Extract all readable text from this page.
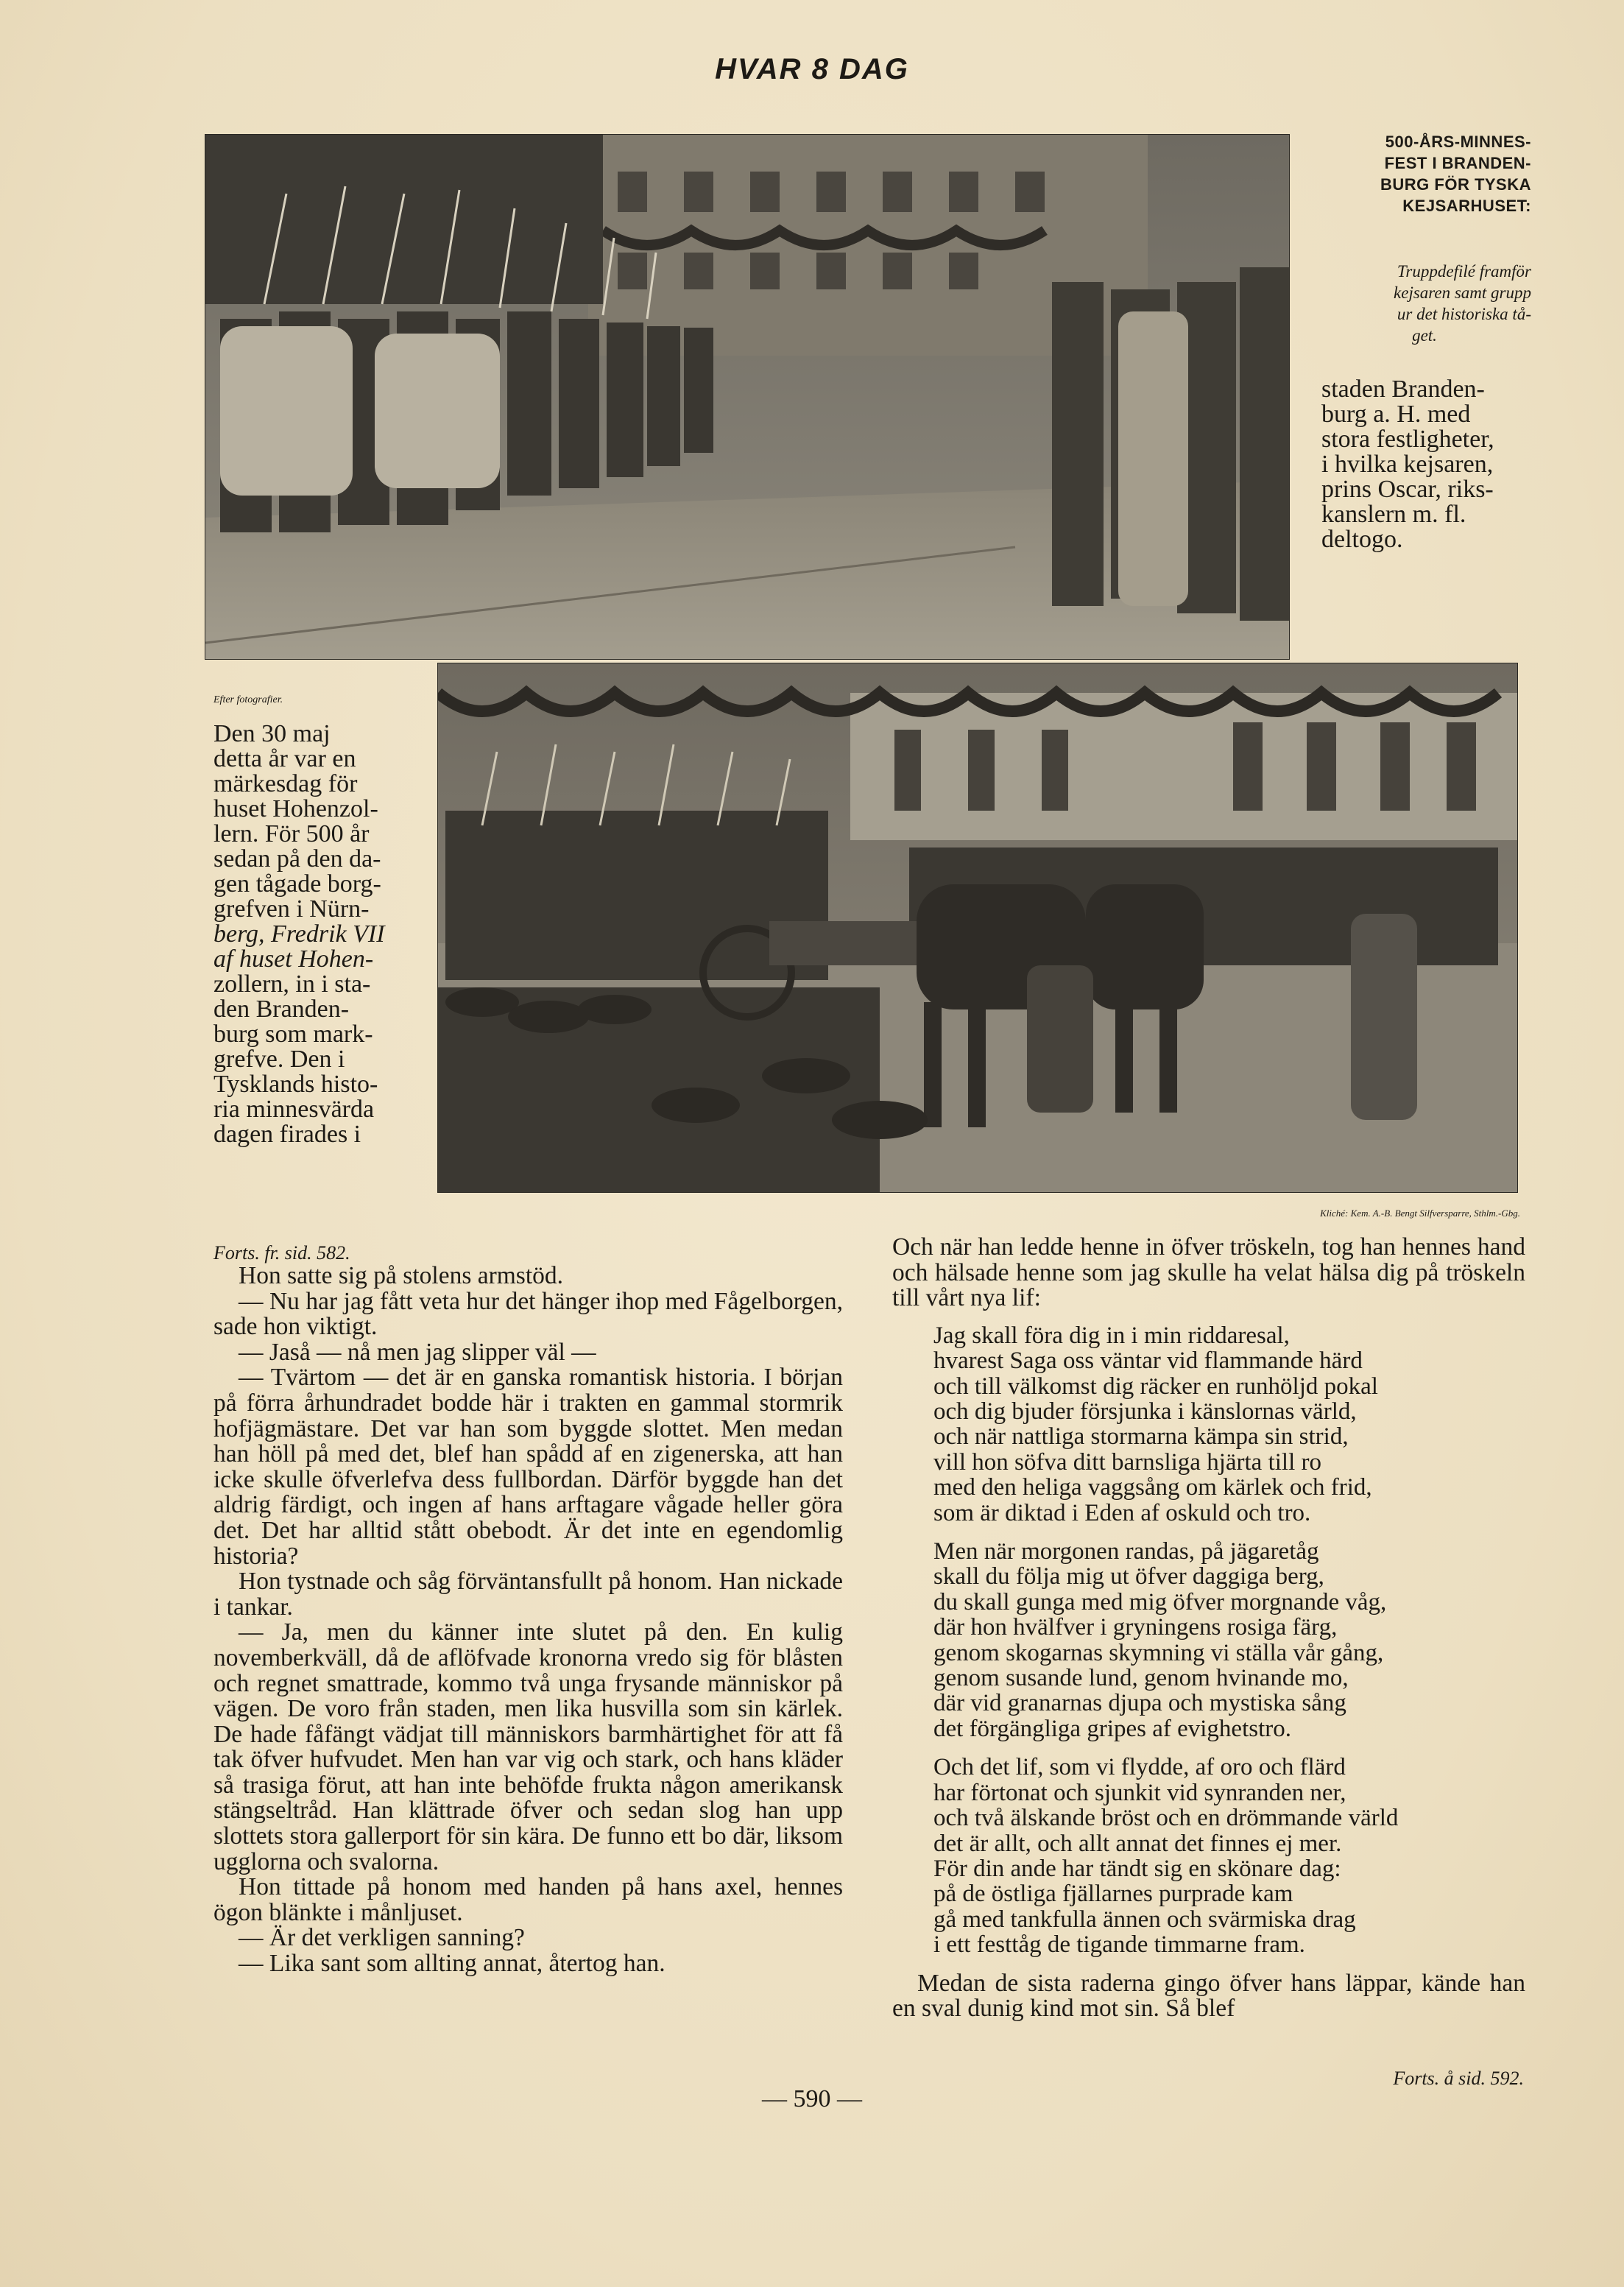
HVAR 8 DAG
500-ÅRS-MINNES-
FEST I BRANDEN-
BURG FÖR TYSKA
KEJSARHUSET:
Truppdefilé framför
kejsaren samt grupp
ur det historiska tå-
get.
staden Branden-
burg a. H. med
stora festligheter,
i hvilka kejsaren,
prins Oscar, riks-
kanslern m. fl.
deltogo.
Efter fotografier.
Den 30 maj
detta år var en
märkesdag för
huset Hohenzol-
lern. För 500 år
sedan på den da-
gen tågade borg-
grefven i Nürn-
berg, Fredrik VII
af huset Hohen-
zollern, in i sta-
den Branden-
burg som mark-
grefve. Den i
Tysklands histo-
ria minnesvärda
dagen firades i
Kliché: Kem. A.-B. Bengt Silfversparre, Sthlm.-Gbg.

Forts. fr. sid. 582.

Hon satte sig på stolens armstöd.

— Nu har jag fått veta hur det hänger ihop med Fågelborgen, sade hon viktigt.

— Jaså — nå men jag slipper väl —

— Tvärtom — det är en ganska romantisk historia. I början på förra århundradet bodde här i trakten en gammal stormrik hofjägmästare. Det var han som byggde slottet. Men medan han höll på med det, blef han spådd af en zigenerska, att han icke skulle öfverlefva dess fullbordan. Därför byggde han det aldrig färdigt, och ingen af hans arftagare vågade heller göra det. Det har alltid stått obebodt. Är det inte en egendomlig historia?

Hon tystnade och såg förväntansfullt på honom. Han nickade i tankar.

— Ja, men du känner inte slutet på den. En kulig novemberkväll, då de aflöfvade kronorna vredo sig för blåsten och regnet smattrade, kommo två unga frysande människor på vägen. De voro från staden, men lika husvilla som sin kärlek. De hade fåfängt vädjat till människors barmhärtighet för att få tak öfver hufvudet. Men han var vig och stark, och hans kläder så trasiga förut, att han inte behöfde frukta någon amerikansk stängseltråd. Han klättrade öfver och sedan slog han upp slottets stora gallerport för sin kära. De funno ett bo där, liksom ugglorna och svalorna.

Hon tittade på honom med handen på hans axel, hennes ögon blänkte i månljuset.

— Är det verkligen sanning?

— Lika sant som allting annat, återtog han.

Och när han ledde henne in öfver tröskeln, tog han hennes hand och hälsade henne som jag skulle ha velat hälsa dig på tröskeln till vårt nya lif:

Jag skall föra dig in i min riddaresal,
hvarest Saga oss väntar vid flammande härd
och till välkomst dig räcker en runhöljd pokal
och dig bjuder försjunka i känslornas värld,
och när nattliga stormarna kämpa sin strid,
vill hon söfva ditt barnsliga hjärta till ro
med den heliga vaggsång om kärlek och frid,
som är diktad i Eden af oskuld och tro.
Men när morgonen randas, på jägaretåg
skall du följa mig ut öfver daggiga berg,
du skall gunga med mig öfver morgnande våg,
där hon hvälfver i gryningens rosiga färg,
genom skogarnas skymning vi ställa vår gång,
genom susande lund, genom hvinande mo,
där vid granarnas djupa och mystiska sång
det förgängliga gripes af evighetstro.
Och det lif, som vi flydde, af oro och flärd
har förtonat och sjunkit vid synranden ner,
och två älskande bröst och en drömmande värld
det är allt, och allt annat det finnes ej mer.
För din ande har tändt sig en skönare dag:
på de östliga fjällarnes purprade kam
gå med tankfulla ännen och svärmiska drag
i ett festtåg de tigande timmarne fram.

Medan de sista raderna gingo öfver hans läppar, kände han en sval dunig kind mot sin. Så blef

Forts. å sid. 592.
— 590 —
